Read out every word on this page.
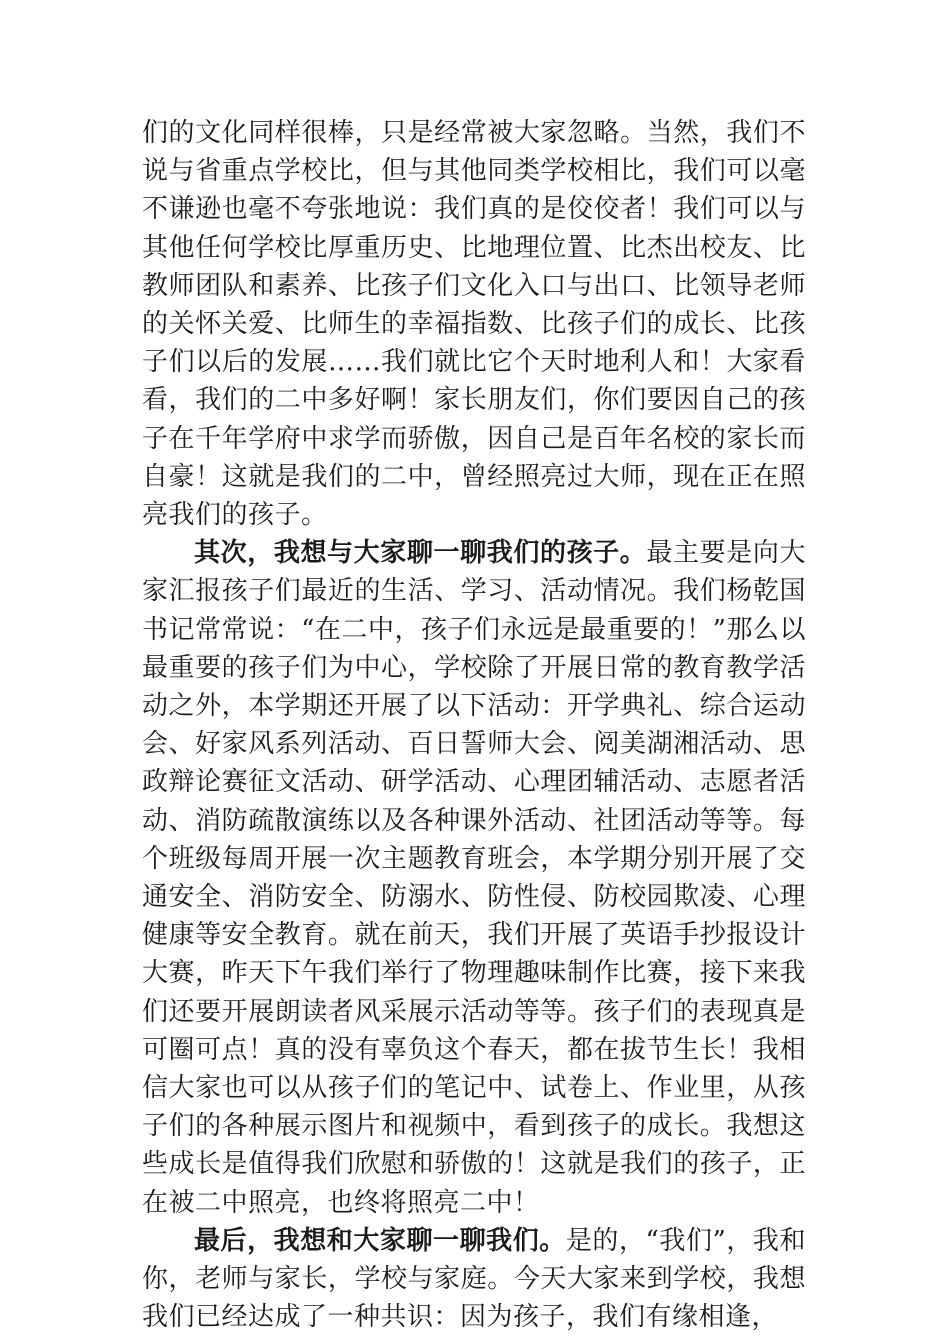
们的文化同样很棒，只是经常被大家忽略。当然，我们不说与省重点学校比，但与其他同类学校相比，我们可以毫不谦逊也毫不夸张地说：我们真的是佼佼者！我们可以与其他任何学校比厚重历史、比地理位置、比杰出校友、比教师团队和素养、比孩子们文化入口与出口、比领导老师的关怀关爱、比师生的幸福指数、比孩子们的成长、比孩子们以后的发展……我们就比它个天时地利人和！大家看看，我们的二中多好啊！家长朋友们，你们要因自己的孩子在千年学府中求学而骄傲，因自己是百年名校的家长而自豪！这就是我们的二中，曾经照亮过大师，现在正在照亮我们的孩子。

其次，我想与大家聊一聊我们的孩子。最主要是向大家汇报孩子们最近的生活、学习、活动情况。我们杨乾国书记常常说：“在二中，孩子们永远是最重要的！”那么以最重要的孩子们为中心，学校除了开展日常的教育教学活动之外，本学期还开展了以下活动：开学典礼、综合运动会、好家风系列活动、百日誓师大会、阅美湖湘活动、思政辩论赛征文活动、研学活动、心理团辅活动、志愿者活动、消防疏散演练以及各种课外活动、社团活动等等。每个班级每周开展一次主题教育班会，本学期分别开展了交通安全、消防安全、防溺水、防性侵、防校园欺凌、心理健康等安全教育。就在前天，我们开展了英语手抄报设计大赛，昨天下午我们举行了物理趣味制作比赛，接下来我们还要开展朗读者风采展示活动等等。孩子们的表现真是可圈可点！真的没有辜负这个春天，都在拔节生长！我相信大家也可以从孩子们的笔记中、试卷上、作业里，从孩子们的各种展示图片和视频中，看到孩子的成长。我想这些成长是值得我们欣慰和骄傲的！这就是我们的孩子，正在被二中照亮，也终将照亮二中！

最后，我想和大家聊一聊我们。是的，“我们”，我和你，老师与家长，学校与家庭。今天大家来到学校，我想我们已经达成了一种共识：因为孩子，我们有缘相逢，
